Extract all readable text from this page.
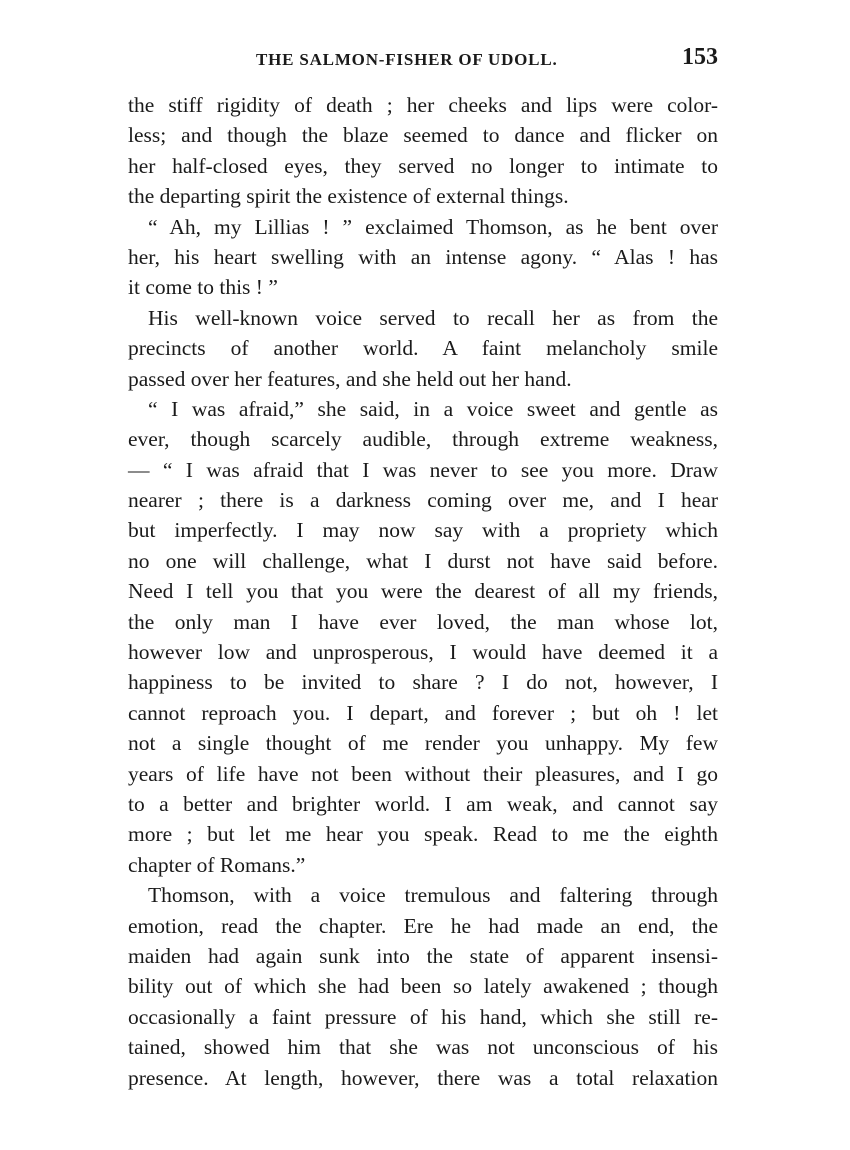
THE SALMON-FISHER OF UDOLL.	153
the stiff rigidity of death ; her cheeks and lips were color-
less; and though the blaze seemed to dance and flicker on
her half-closed eyes, they served no longer to intimate to
the departing spirit the existence of external things.
“ Ah, my Lillias ! ” exclaimed Thomson, as he bent over
her, his heart swelling with an intense agony. “ Alas ! has
it come to this ! ”
His well-known voice served to recall her as from the
precincts of another world. A faint melancholy smile
passed over her features, and she held out her hand.
“ I was afraid,” she said, in a voice sweet and gentle as
ever, though scarcely audible, through extreme weakness,
— “ I was afraid that I was never to see you more. Draw
nearer ; there is a darkness coming over me, and I hear
but imperfectly. I may now say with a propriety which
no one will challenge, what I durst not have said before.
Need I tell you that you were the dearest of all my friends,
the only man I have ever loved, the man whose lot,
however low and unprosperous, I would have deemed it a
happiness to be invited to share ? I do not, however, I
cannot reproach you. I depart, and forever ; but oh ! let
not a single thought of me render you unhappy. My few
years of life have not been without their pleasures, and I go
to a better and brighter world. I am weak, and cannot say
more ; but let me hear you speak. Read to me the eighth
chapter of Romans.”
Thomson, with a voice tremulous and faltering through
emotion, read the chapter. Ere he had made an end, the
maiden had again sunk into the state of apparent insensi-
bility out of which she had been so lately awakened ; though
occasionally a faint pressure of his hand, which she still re-
tained, showed him that she was not unconscious of his
presence. At length, however, there was a total relaxation
